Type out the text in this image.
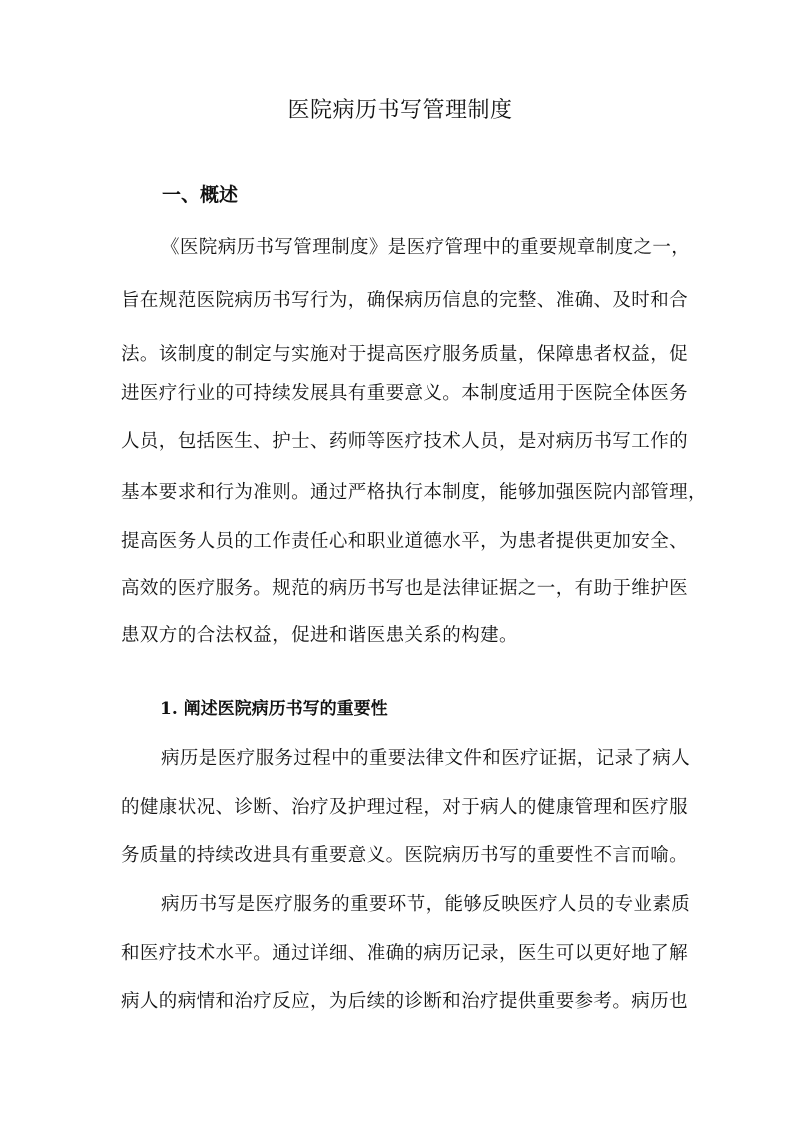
医院病历书写管理制度
一、概述
《医院病历书写管理制度》是医疗管理中的重要规章制度之一，
旨在规范医院病历书写行为，确保病历信息的完整、准确、及时和合
法。该制度的制定与实施对于提高医疗服务质量，保障患者权益，促
进医疗行业的可持续发展具有重要意义。本制度适用于医院全体医务
人员，包括医生、护士、药师等医疗技术人员，是对病历书写工作的
基本要求和行为准则。通过严格执行本制度，能够加强医院内部管理，
提高医务人员的工作责任心和职业道德水平，为患者提供更加安全、
高效的医疗服务。规范的病历书写也是法律证据之一，有助于维护医
患双方的合法权益，促进和谐医患关系的构建。
1. 阐述医院病历书写的重要性
病历是医疗服务过程中的重要法律文件和医疗证据，记录了病人
的健康状况、诊断、治疗及护理过程，对于病人的健康管理和医疗服
务质量的持续改进具有重要意义。医院病历书写的重要性不言而喻。
病历书写是医疗服务的重要环节，能够反映医疗人员的专业素质
和医疗技术水平。通过详细、准确的病历记录，医生可以更好地了解
病人的病情和治疗反应，为后续的诊断和治疗提供重要参考。病历也
